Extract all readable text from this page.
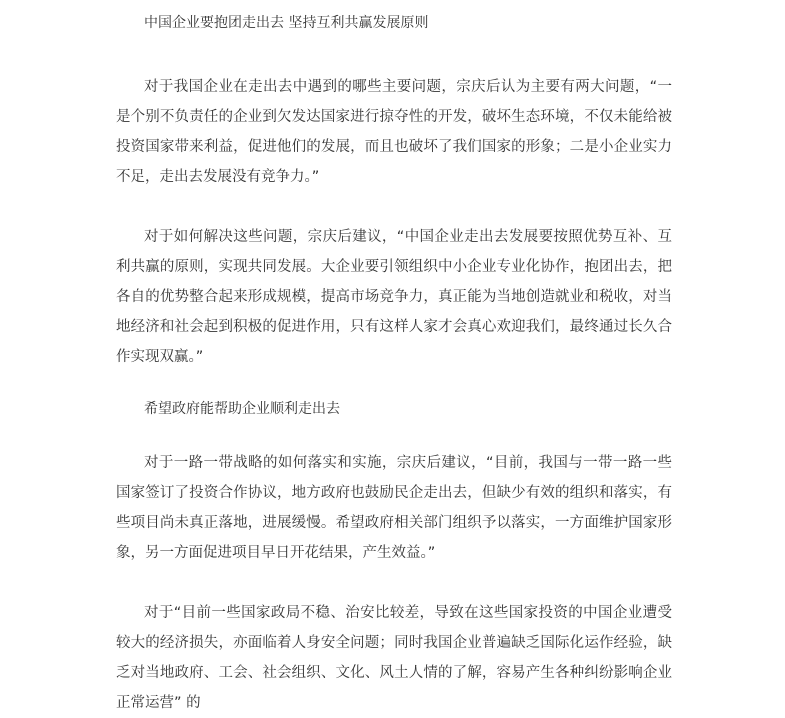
中国企业要抱团走出去 坚持互利共赢发展原则

对于我国企业在走出去中遇到的哪些主要问题，宗庆后认为主要有两大问题，“一是个别不负责任的企业到欠发达国家进行掠夺性的开发，破坏生态环境，不仅未能给被投资国家带来利益，促进他们的发展，而且也破坏了我们国家的形象；二是小企业实力不足，走出去发展没有竞争力。”

对于如何解决这些问题，宗庆后建议，“中国企业走出去发展要按照优势互补、互利共赢的原则，实现共同发展。大企业要引领组织中小企业专业化协作，抱团出去，把各自的优势整合起来形成规模，提高市场竞争力，真正能为当地创造就业和税收，对当地经济和社会起到积极的促进作用，只有这样人家才会真心欢迎我们，最终通过长久合作实现双赢。”

希望政府能帮助企业顺利走出去

对于一路一带战略的如何落实和实施，宗庆后建议，“目前，我国与一带一路一些国家签订了投资合作协议，地方政府也鼓励民企走出去，但缺少有效的组织和落实，有些项目尚未真正落地，进展缓慢。希望政府相关部门组织予以落实，一方面维护国家形象，另一方面促进项目早日开花结果，产生效益。”

对于“目前一些国家政局不稳、治安比较差，导致在这些国家投资的中国企业遭受较大的经济损失，亦面临着人身安全问题；同时我国企业普遍缺乏国际化运作经验，缺乏对当地政府、工会、社会组织、文化、风土人情的了解，容易产生各种纠纷影响企业正常运营” 的
